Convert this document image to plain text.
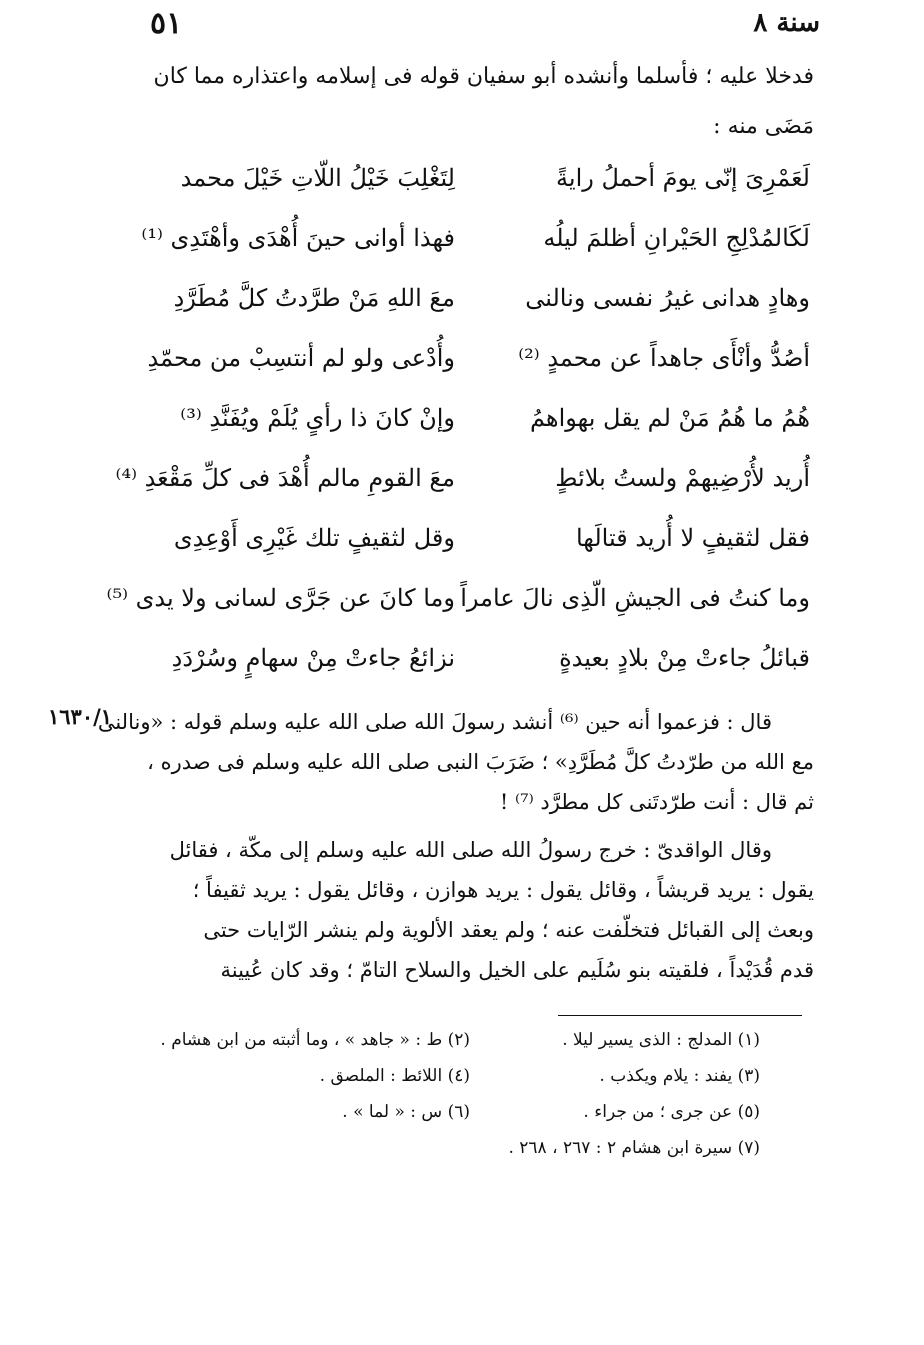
سنة ٨
٥١
فدخلا عليه ؛ فأسلما وأنشده أبو سفيان قوله فى إسلامه واعتذاره مما كان
مَضَى منه :
لَعَمْرِىَ إنّى يومَ أحملُ رايةً
لِتَغْلِبَ خَيْلُ اللّاتِ خَيْلَ محمد
لَكَالمُدْلِجِ الحَيْرانِ أظلمَ ليلُه
فهذا أوانى حينَ أُهْدَى وأهْتَدِى ⁽¹⁾
وهادٍ هدانى غيرُ نفسى ونالنى
معَ اللهِ مَنْ طرَّدتُ كلَّ مُطَرَّدِ
أصُدُّ وأنْأَى جاهداً عن محمدٍ ⁽²⁾
وأُدْعى ولو لم أنتسِبْ من محمّدِ
هُمُ ما هُمُ مَنْ لم يقل بهواهمُ
وإنْ كانَ ذا رأىٍ يُلَمْ ويُفَنَّدِ ⁽³⁾
أُريد لأُرْضِيهمْ ولستُ بلائطٍ
معَ القومِ مالم أُهْدَ فى كلِّ مَقْعَدِ ⁽⁴⁾
فقل لثقيفٍ لا أُريد قتالَها
وقل لثقيفٍ تلك غَيْرِى أَوْعِدِى
وما كنتُ فى الجيشِ الّذِى نالَ عامراً
وما كانَ عن جَرَّى لسانى ولا يدى ⁽⁵⁾
قبائلُ جاءتْ مِنْ بلادٍ بعيدةٍ
نزائعُ جاءتْ مِنْ سهامٍ وسُرْدَدِ
١٦٣٠/١
قال : فزعموا أنه حين ⁽⁶⁾ أنشد رسولَ الله صلى الله عليه وسلم قوله : «ونالنى
مع الله من طرّدتُ كلَّ مُطَرَّدِ» ؛ ضَرَبَ النبى صلى الله عليه وسلم فى صدره ،
ثم قال : أنت طرّدتَنى كل مطرَّد ⁽⁷⁾ !
وقال الواقدىّ : خرج رسولُ الله صلى الله عليه وسلم إلى مكّة ، فقائل
يقول : يريد قريشاً ، وقائل يقول : يريد هوازن ، وقائل يقول : يريد ثقيفاً ؛
وبعث إلى القبائل فتخلّفت عنه ؛ ولم يعقد الألوية ولم ينشر الرّايات حتى
قدم قُدَيْداً ، فلقيته بنو سُلَيم على الخيل والسلاح التامّ ؛ وقد كان عُيينة
(١) المدلج : الذى يسير ليلا .
(٢) ط : « جاهد » ، وما أثبته من ابن هشام .
(٣) يفند : يلام ويكذب .
(٤) اللائط : الملصق .
(٥) عن جرى ؛ من جراء .
(٦) س : « لما » .
(٧) سيرة ابن هشام ٢ : ٢٦٧ ، ٢٦٨ .
